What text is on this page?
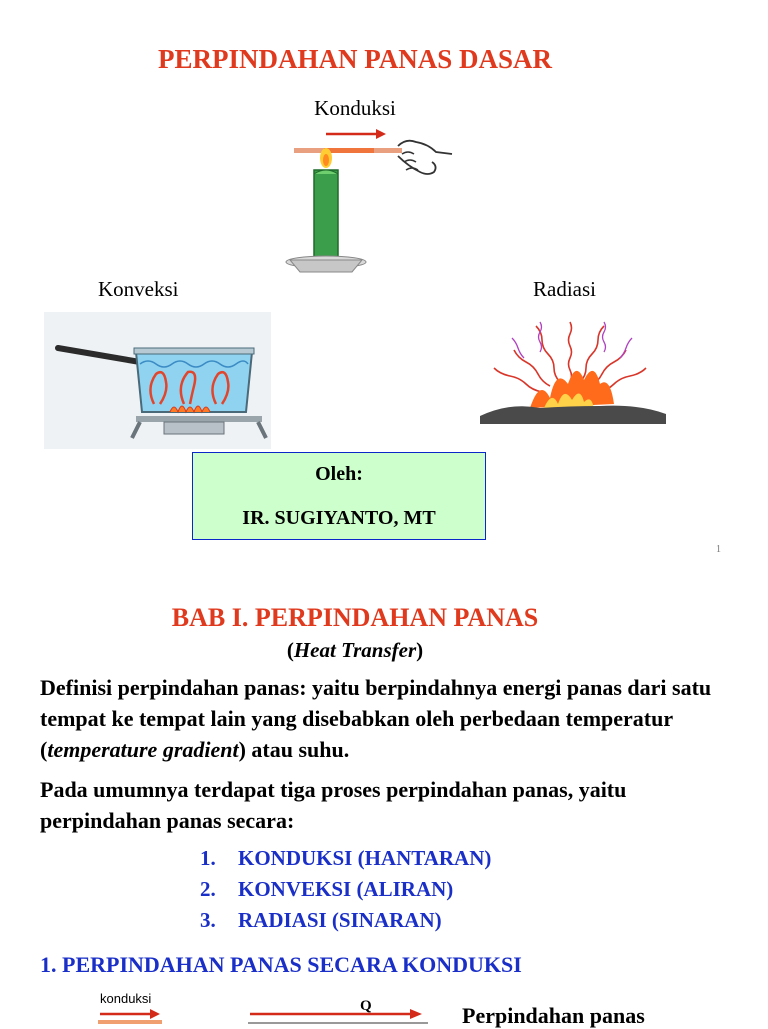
PERPINDAHAN PANAS DASAR
Konduksi
Konveksi	Radiasi
Oleh:
IR. SUGIYANTO, MT
1
BAB I. PERPINDAHAN PANAS
(Heat Transfer)
Definisi perpindahan panas: yaitu berpindahnya energi panas dari satu tempat ke tempat lain yang disebabkan oleh perbedaan temperatur (temperature gradient) atau suhu.
Pada umumnya terdapat tiga proses perpindahan panas, yaitu perpindahan panas secara:
1. KONDUKSI (HANTARAN)
2. KONVEKSI (ALIRAN)
3. RADIASI (SINARAN)
1. PERPINDAHAN PANAS SECARA KONDUKSI
konduksi	Q	Perpindahan panas
